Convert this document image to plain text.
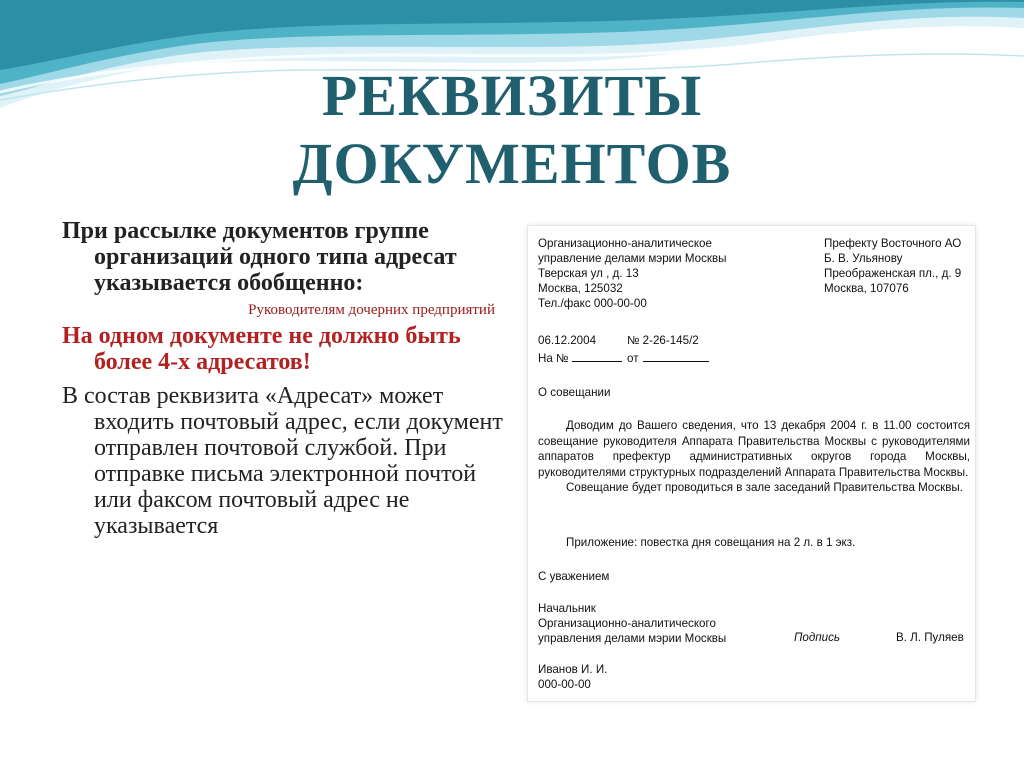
РЕКВИЗИТЫ
ДОКУМЕНТОВ

При рассылке документов группе организаций одного типа адресат указывается обобщенно:

Руководителям дочерних предприятий

На одном документе не должно быть более 4-х адресатов!

В состав реквизита «Адресат» может входить почтовый адрес, если документ отправлен почтовой службой. При отправке письма электронной почтой или факсом почтовый адрес не указывается

Организационно-аналитическое
управление делами мэрии Москвы
Тверская ул , д. 13
Москва, 125032
Тел./факс 000-00-00
Префекту Восточного АО
Б. В. Ульянову
Преображенская пл., д. 9
Москва, 107076
06.12.2004	№ 2-26-145/2
На №	от
О совещании

Доводим до Вашего сведения, что 13 декабря 2004 г. в 11.00 состоится совещание руководителя Аппарата Правительства Москвы с руководителями аппаратов префектур административных округов города Москвы, руководителями структурных подразделений Аппарата Правительства Москвы.

Совещание будет проводиться в зале заседаний Правительства Москвы.

Приложение: повестка дня совещания на 2 л. в 1 экз.
С уважением
Начальник
Организационно-аналитического
управления делами мэрии Москвы	Подпись	В. Л. Пуляев
Иванов И. И.
000-00-00
